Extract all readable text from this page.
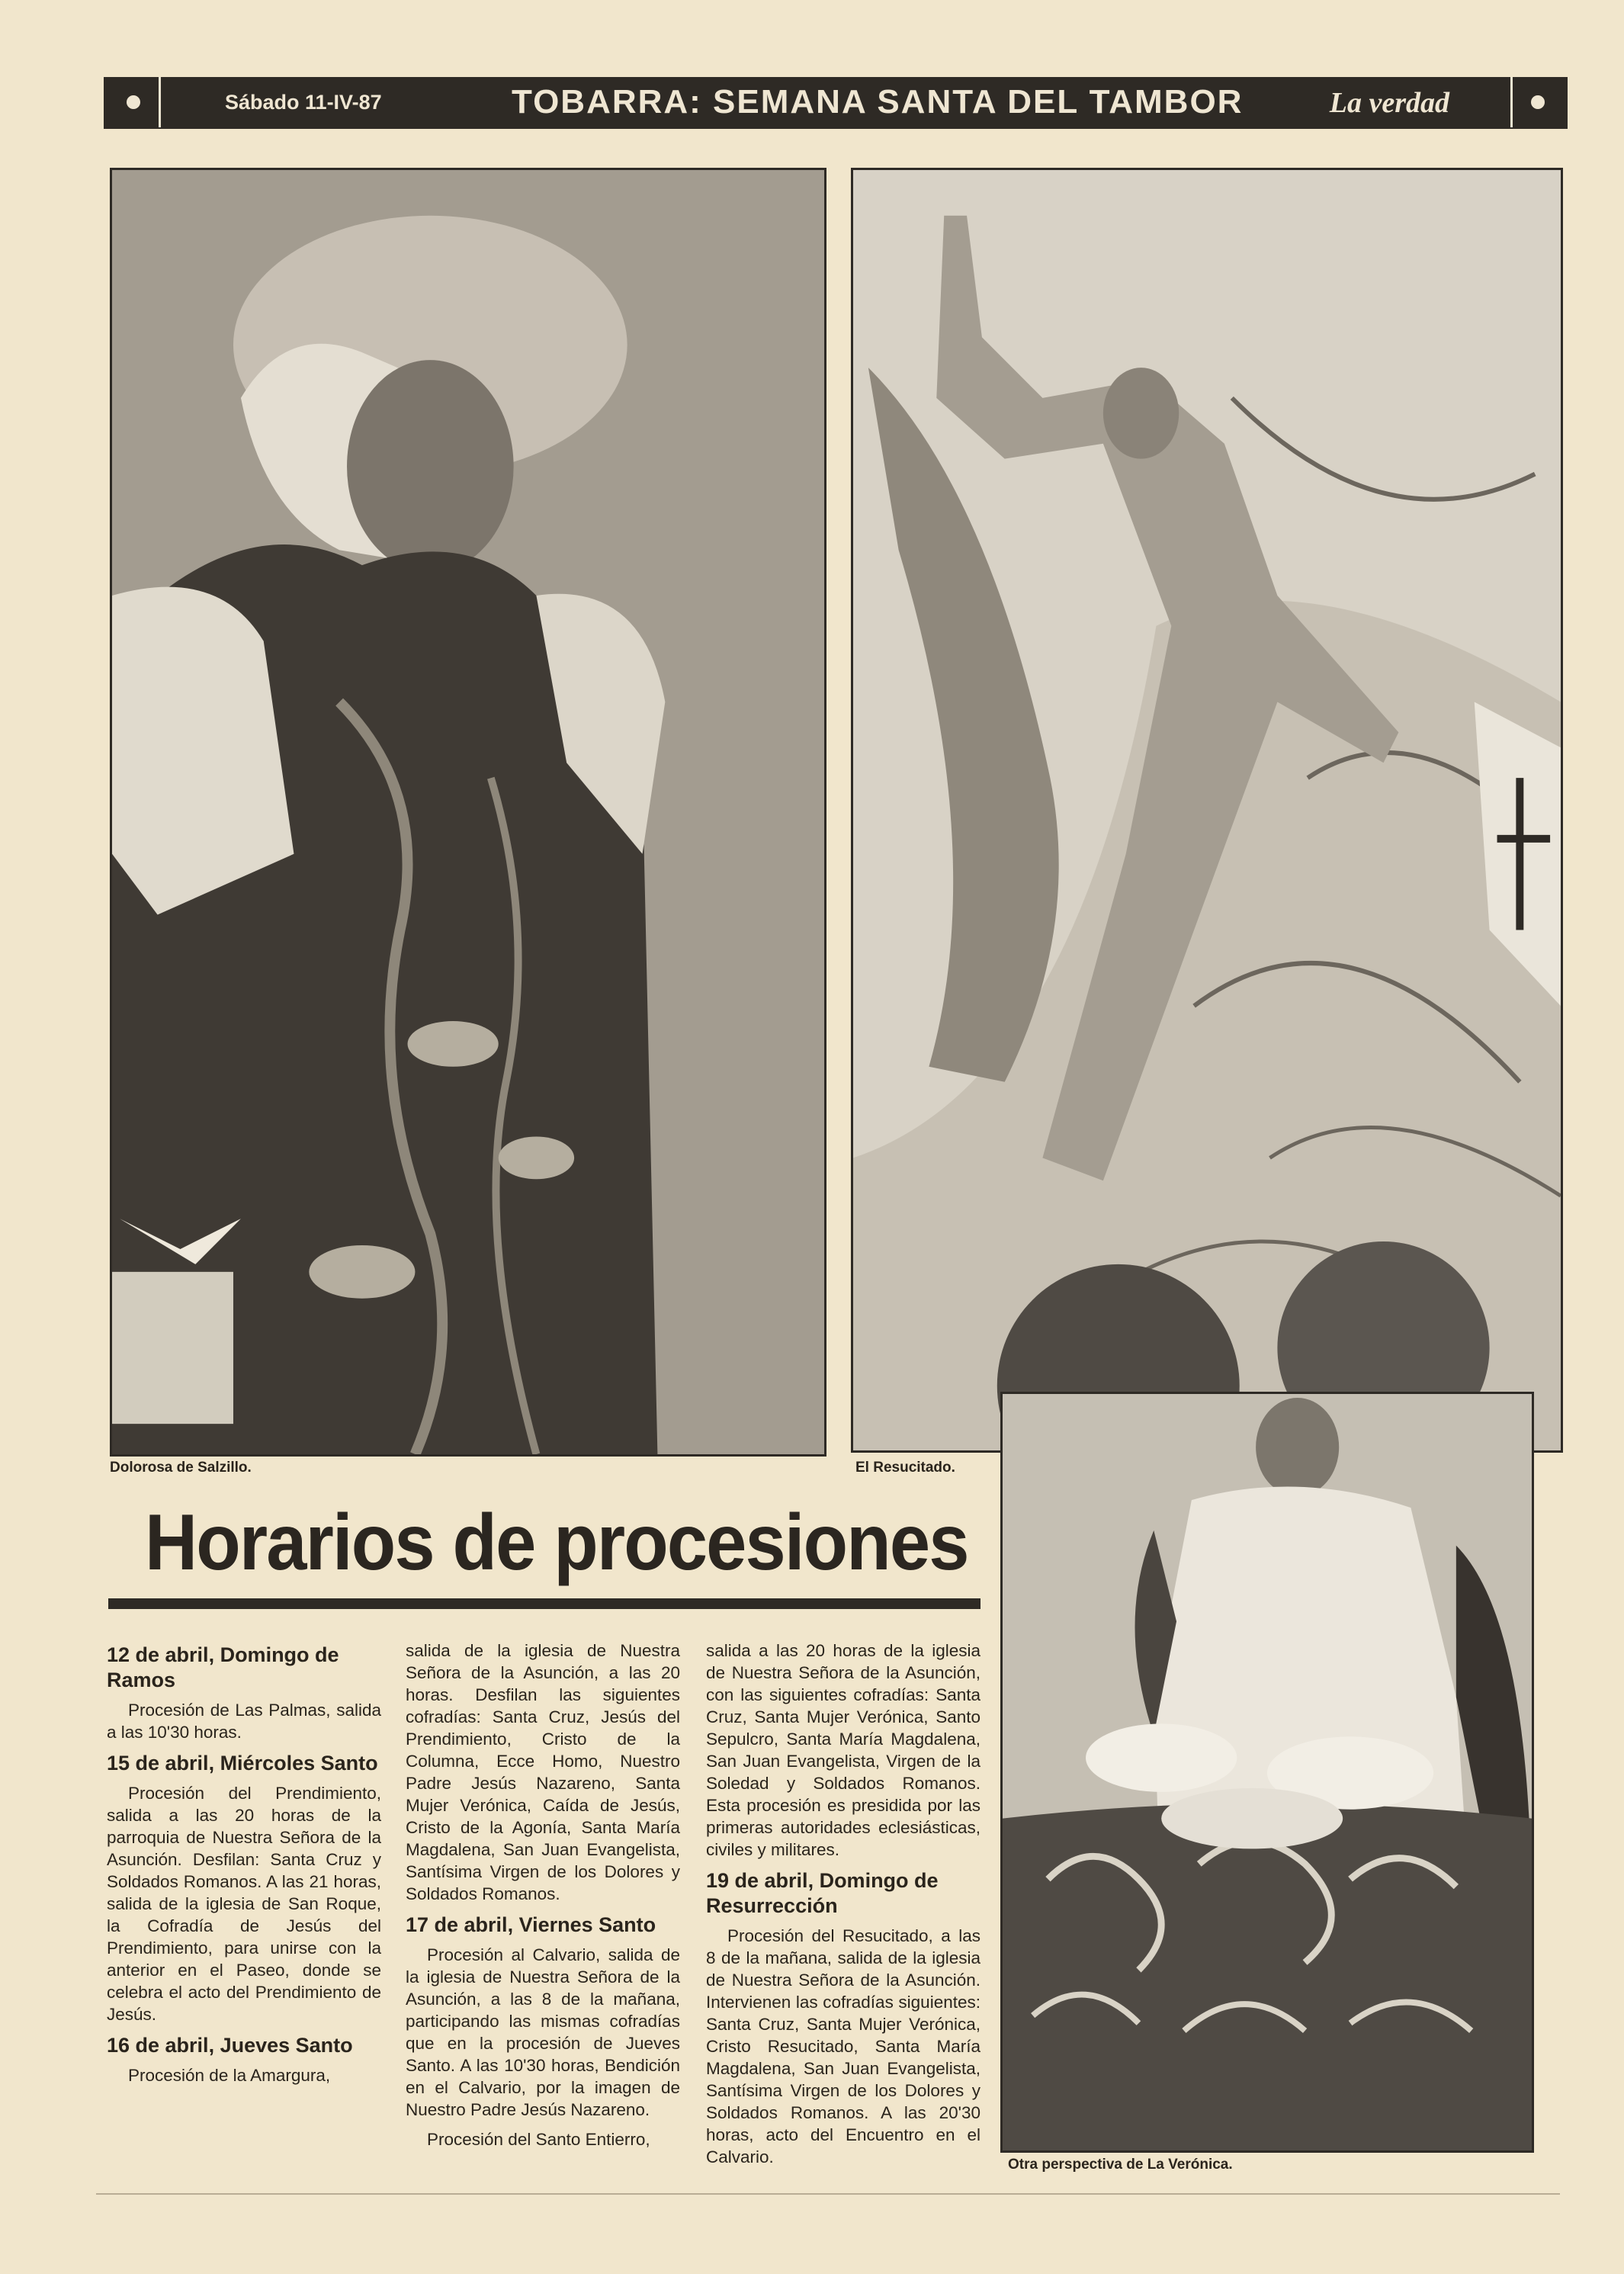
Sábado 11-IV-87	TOBARRA: SEMANA SANTA DEL TAMBOR	La verdad
Dolorosa de Salzillo.	El Resucitado.
Horarios de procesiones
Otra perspectiva de La Verónica.
12 de abril, Domingo de Ramos

Procesión de Las Palmas, salida a las 10'30 horas.

15 de abril, Miércoles Santo

Procesión del Prendimiento, salida a las 20 horas de la parroquia de Nuestra Señora de la Asunción. Desfilan: Santa Cruz y Soldados Romanos. A las 21 horas, salida de la iglesia de San Roque, la Cofradía de Jesús del Prendimiento, para unirse con la anterior en el Paseo, donde se celebra el acto del Prendimiento de Jesús.

16 de abril, Jueves Santo

Procesión de la Amargura,

salida de la iglesia de Nuestra Señora de la Asunción, a las 20 horas. Desfilan las siguientes cofradías: Santa Cruz, Jesús del Prendimiento, Cristo de la Columna, Ecce Homo, Nuestro Padre Jesús Nazareno, Santa Mujer Verónica, Caída de Jesús, Cristo de la Agonía, Santa María Magdalena, San Juan Evangelista, Santísima Virgen de los Dolores y Soldados Romanos.

17 de abril, Viernes Santo

Procesión al Calvario, salida de la iglesia de Nuestra Señora de la Asunción, a las 8 de la mañana, participando las mismas cofradías que en la procesión de Jueves Santo. A las 10'30 horas, Bendición en el Calvario, por la imagen de Nuestro Padre Jesús Nazareno.

Procesión del Santo Entierro,

salida a las 20 horas de la iglesia de Nuestra Señora de la Asunción, con las siguientes cofradías: Santa Cruz, Santa Mujer Verónica, Santo Sepulcro, Santa María Magdalena, San Juan Evangelista, Virgen de la Soledad y Soldados Romanos. Esta procesión es presidida por las primeras autoridades eclesiásticas, civiles y militares.

19 de abril, Domingo de Resurrección

Procesión del Resucitado, a las 8 de la mañana, salida de la iglesia de Nuestra Señora de la Asunción. Intervienen las cofradías siguientes: Santa Cruz, Santa Mujer Verónica, Cristo Resucitado, Santa María Magdalena, San Juan Evangelista, Santísima Virgen de los Dolores y Soldados Romanos. A las 20'30 horas, acto del Encuentro en el Calvario.
